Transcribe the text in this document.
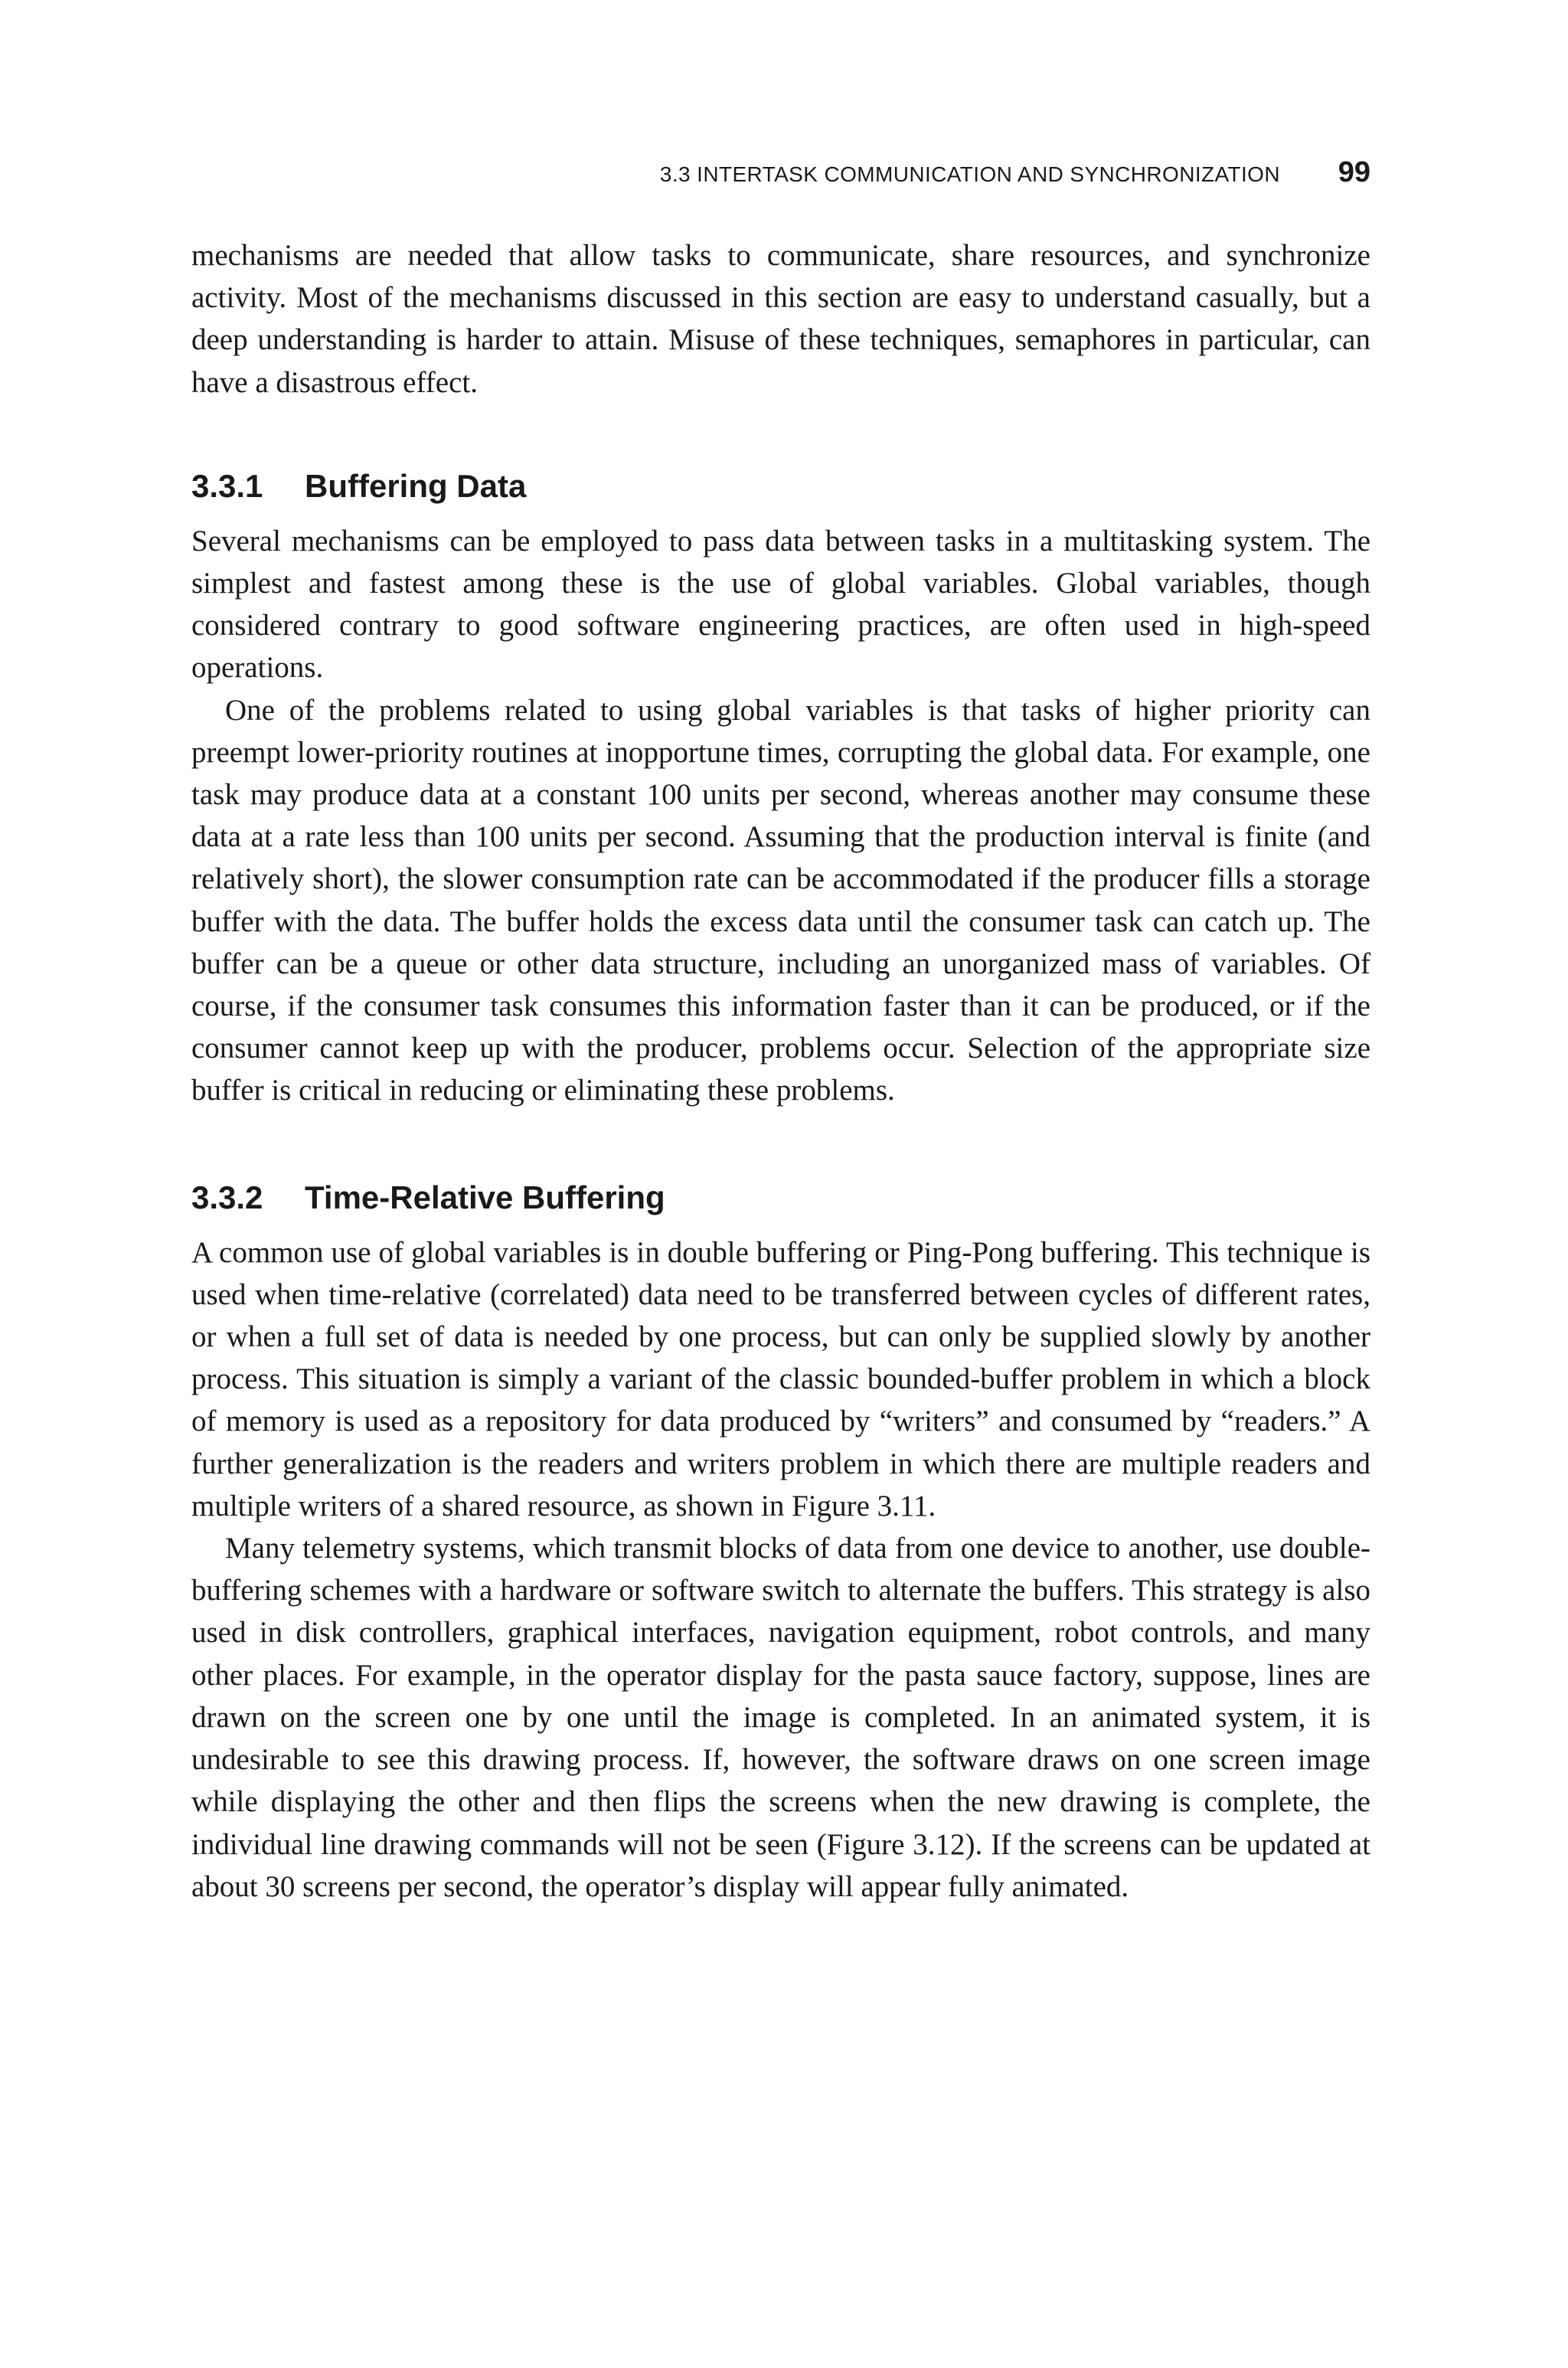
3.3 INTERTASK COMMUNICATION AND SYNCHRONIZATION 99

mechanisms are needed that allow tasks to communicate, share resources, and synchronize activity. Most of the mechanisms discussed in this section are easy to understand casually, but a deep understanding is harder to attain. Misuse of these techniques, semaphores in particular, can have a disastrous effect.

3.3.1 Buffering Data

Several mechanisms can be employed to pass data between tasks in a multitasking system. The simplest and fastest among these is the use of global variables. Global variables, though considered contrary to good software engineering practices, are often used in high-speed operations.

One of the problems related to using global variables is that tasks of higher priority can preempt lower-priority routines at inopportune times, corrupting the global data. For example, one task may produce data at a constant 100 units per second, whereas another may consume these data at a rate less than 100 units per second. Assuming that the production interval is finite (and relatively short), the slower consumption rate can be accommodated if the producer fills a storage buffer with the data. The buffer holds the excess data until the consumer task can catch up. The buffer can be a queue or other data structure, including an unorganized mass of variables. Of course, if the consumer task consumes this information faster than it can be produced, or if the consumer cannot keep up with the producer, problems occur. Selection of the appropriate size buffer is critical in reducing or eliminating these problems.

3.3.2 Time-Relative Buffering

A common use of global variables is in double buffering or Ping-Pong buffering. This technique is used when time-relative (correlated) data need to be transferred between cycles of different rates, or when a full set of data is needed by one process, but can only be supplied slowly by another process. This situation is simply a variant of the classic bounded-buffer problem in which a block of memory is used as a repository for data produced by “writers” and consumed by “readers.” A further generalization is the readers and writers problem in which there are multiple readers and multiple writers of a shared resource, as shown in Figure 3.11.

Many telemetry systems, which transmit blocks of data from one device to another, use double-buffering schemes with a hardware or software switch to alternate the buffers. This strategy is also used in disk controllers, graphical interfaces, navigation equipment, robot controls, and many other places. For example, in the operator display for the pasta sauce factory, suppose, lines are drawn on the screen one by one until the image is completed. In an animated system, it is undesirable to see this drawing process. If, however, the software draws on one screen image while displaying the other and then flips the screens when the new drawing is complete, the individual line drawing commands will not be seen (Figure 3.12). If the screens can be updated at about 30 screens per second, the operator’s display will appear fully animated.
